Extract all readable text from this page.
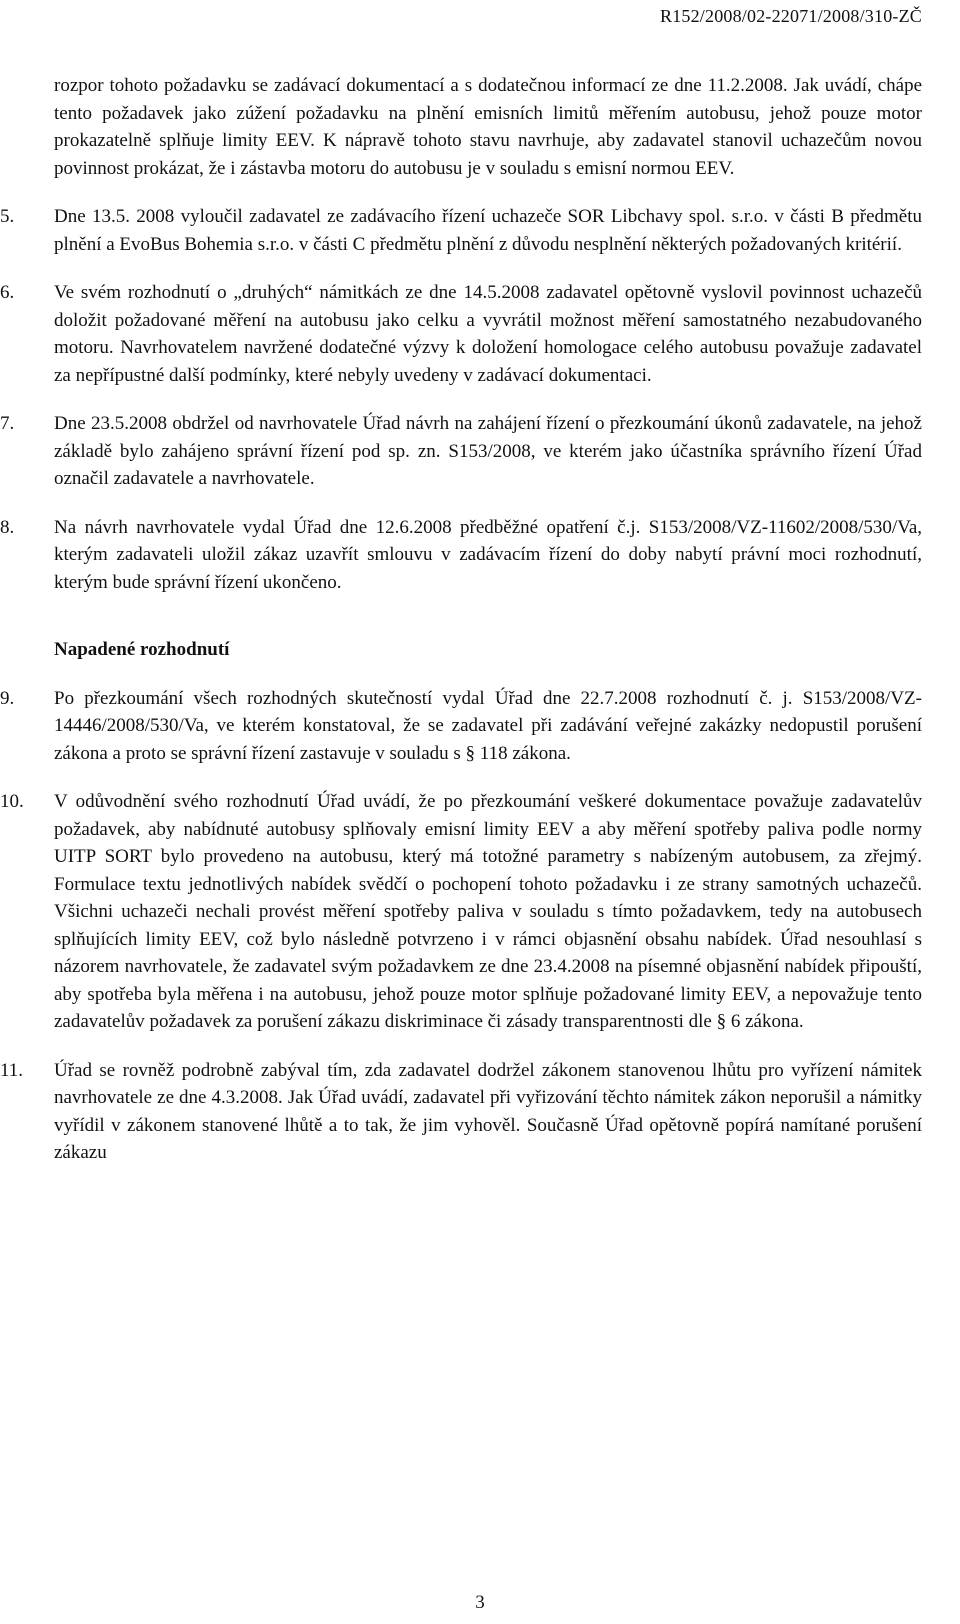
R152/2008/02-22071/2008/310-ZČ

rozpor tohoto požadavku se zadávací dokumentací a s dodatečnou informací ze dne 11.2.2008. Jak uvádí, chápe tento požadavek jako zúžení požadavku na plnění emisních limitů měřením autobusu, jehož pouze motor prokazatelně splňuje limity EEV. K nápravě tohoto stavu navrhuje, aby zadavatel stanovil uchazečům novou povinnost prokázat, že i zástavba motoru do autobusu je v souladu s emisní normou EEV.

5.	Dne 13.5. 2008 vyloučil zadavatel ze zadávacího řízení uchazeče SOR Libchavy spol. s.r.o. v části B předmětu plnění a EvoBus Bohemia s.r.o. v části C předmětu plnění z důvodu nesplnění některých požadovaných kritérií.
6.	Ve svém rozhodnutí o „druhých“ námitkách ze dne 14.5.2008 zadavatel opětovně vyslovil povinnost uchazečů doložit požadované měření na autobusu jako celku a vyvrátil možnost měření samostatného nezabudovaného motoru. Navrhovatelem navržené dodatečné výzvy k doložení homologace celého autobusu považuje zadavatel za nepřípustné další podmínky, které nebyly uvedeny v zadávací dokumentaci.
7.	Dne 23.5.2008 obdržel od navrhovatele Úřad návrh na zahájení řízení o přezkoumání úkonů zadavatele, na jehož základě bylo zahájeno správní řízení pod sp. zn. S153/2008, ve kterém jako účastníka správního řízení Úřad označil zadavatele a navrhovatele.
8.	Na návrh navrhovatele vydal Úřad dne 12.6.2008 předběžné opatření č.j. S153/2008/VZ-11602/2008/530/Va, kterým zadavateli uložil zákaz uzavřít smlouvu v zadávacím řízení do doby nabytí právní moci rozhodnutí, kterým bude správní řízení ukončeno.
Napadené rozhodnutí
9.	Po přezkoumání všech rozhodných skutečností vydal Úřad dne 22.7.2008 rozhodnutí č. j. S153/2008/VZ-14446/2008/530/Va, ve kterém konstatoval, že se zadavatel při zadávání veřejné zakázky nedopustil porušení zákona a proto se správní řízení zastavuje v souladu s § 118 zákona.
10.	V odůvodnění svého rozhodnutí Úřad uvádí, že po přezkoumání veškeré dokumentace považuje zadavatelův požadavek, aby nabídnuté autobusy splňovaly emisní limity EEV a aby měření spotřeby paliva podle normy UITP SORT bylo provedeno na autobusu, který má totožné parametry s nabízeným autobusem, za zřejmý. Formulace textu jednotlivých nabídek svědčí o pochopení tohoto požadavku i ze strany samotných uchazečů. Všichni uchazeči nechali provést měření spotřeby paliva v souladu s tímto požadavkem, tedy na autobusech splňujících limity EEV, což bylo následně potvrzeno i v rámci objasnění obsahu nabídek. Úřad nesouhlasí s názorem navrhovatele, že zadavatel svým požadavkem ze dne 23.4.2008 na písemné objasnění nabídek připouští, aby spotřeba byla měřena i na autobusu, jehož pouze motor splňuje požadované limity EEV, a nepovažuje tento zadavatelův požadavek za porušení zákazu diskriminace či zásady transparentnosti dle § 6 zákona.
11.	Úřad se rovněž podrobně zabýval tím, zda zadavatel dodržel zákonem stanovenou lhůtu pro vyřízení námitek navrhovatele ze dne 4.3.2008. Jak Úřad uvádí, zadavatel při vyřizování těchto námitek zákon neporušil a námitky vyřídil v zákonem stanovené lhůtě a to tak, že jim vyhověl. Současně Úřad opětovně popírá namítané porušení zákazu
3
